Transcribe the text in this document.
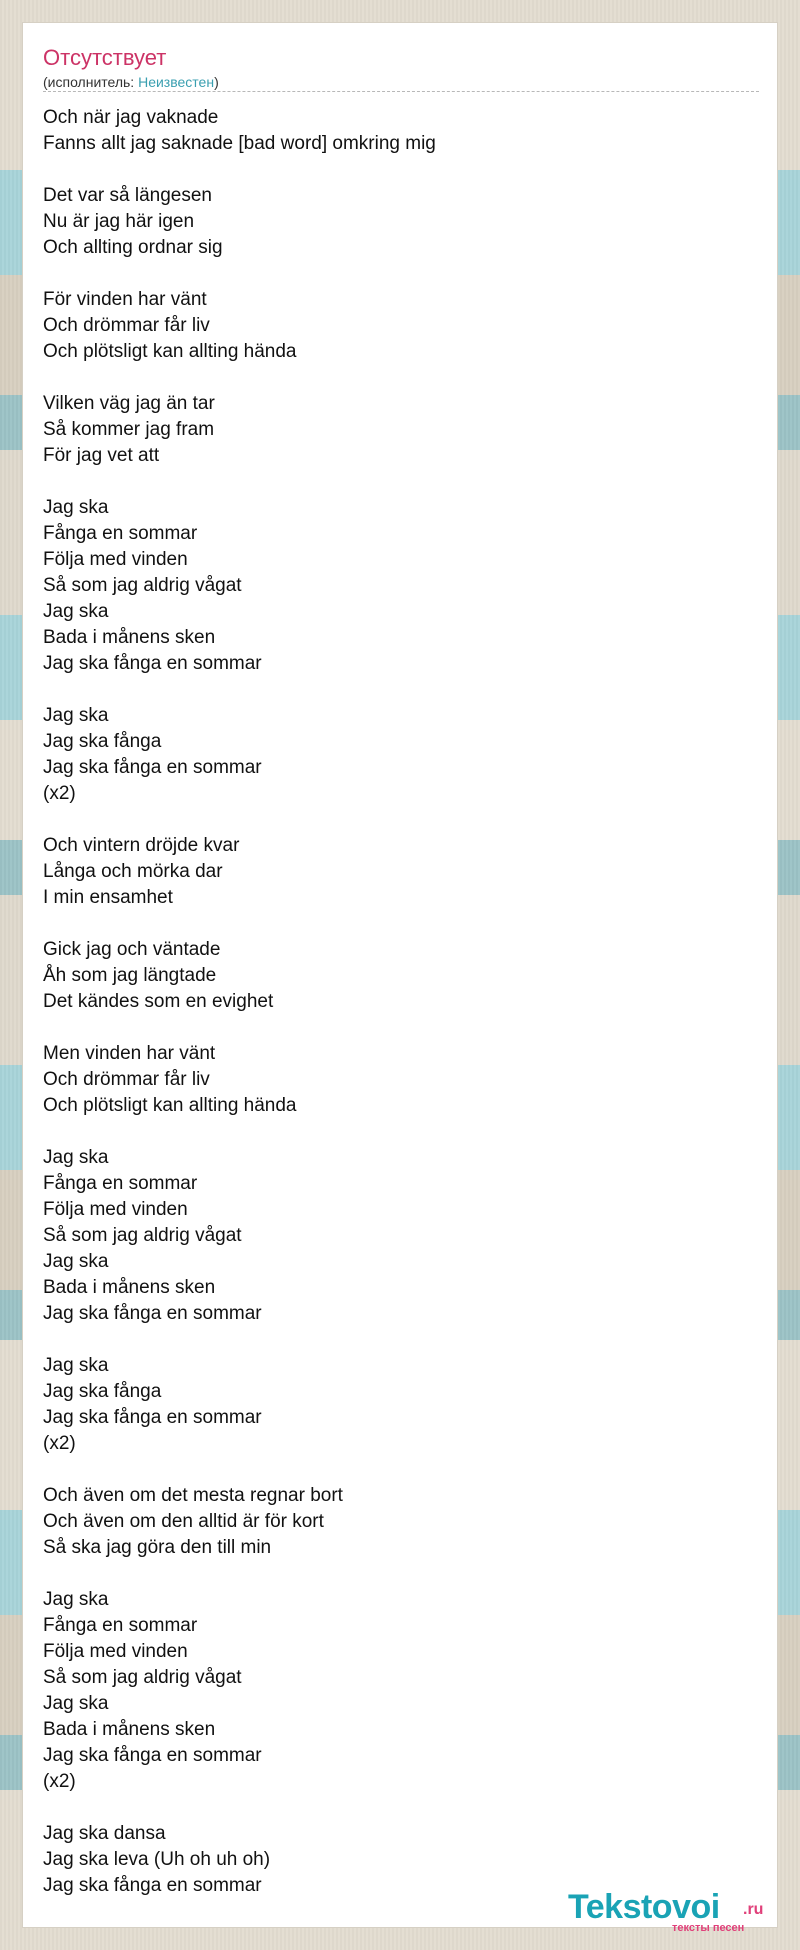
Отсутствует
(исполнитель: Неизвестен)
Och när jag vaknade
Fanns allt jag saknade [bad word] omkring mig
Det var så längesen
Nu är jag här igen
Och allting ordnar sig
För vinden har vänt
Och drömmar får liv
Och plötsligt kan allting hända
Vilken väg jag än tar
Så kommer jag fram
För jag vet att
Jag ska
Fånga en sommar
Följa med vinden
Så som jag aldrig vågat
Jag ska
Bada i månens sken
Jag ska fånga en sommar
Jag ska
Jag ska fånga
Jag ska fånga en sommar
(x2)
Och vintern dröjde kvar
Långa och mörka dar
I min ensamhet
Gick jag och väntade
Åh som jag längtade
Det kändes som en evighet
Men vinden har vänt
Och drömmar får liv
Och plötsligt kan allting hända
Jag ska
Fånga en sommar
Följa med vinden
Så som jag aldrig vågat
Jag ska
Bada i månens sken
Jag ska fånga en sommar
Jag ska
Jag ska fånga
Jag ska fånga en sommar
(x2)
Och även om det mesta regnar bort
Och även om den alltid är för kort
Så ska jag göra den till min
Jag ska
Fånga en sommar
Följa med vinden
Så som jag aldrig vågat
Jag ska
Bada i månens sken
Jag ska fånga en sommar
(x2)
Jag ska dansa
Jag ska leva (Uh oh uh oh)
Jag ska fånga en sommar
Tekstovoi .ru
тексты песен
